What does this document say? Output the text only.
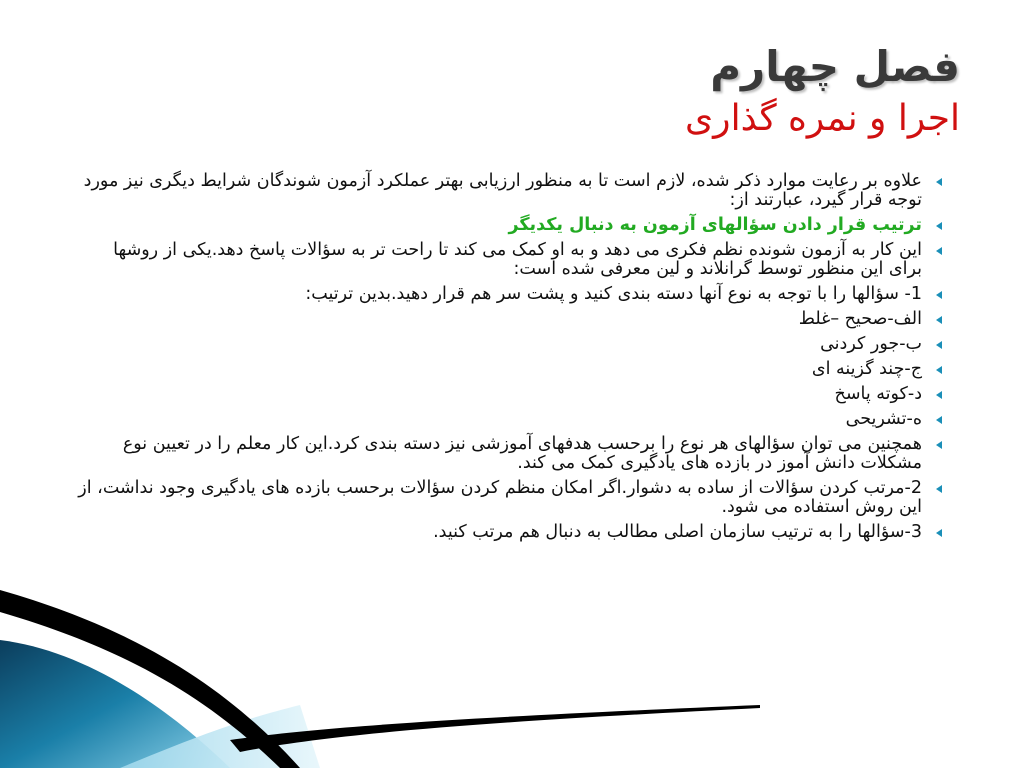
فصل چهارم
اجرا و نمره گذاری
علاوه بر رعایت موارد ذکر شده، لازم است تا به منظور ارزیابی بهتر عملکرد آزمون شوندگان شرایط دیگری نیز مورد توجه قرار گیرد، عبارتند از:
ترتیب قرار دادن سؤالهای آزمون به دنبال یکدیگر
این کار به آزمون شونده نظم فکری می دهد و به او کمک می کند تا راحت تر به سؤالات پاسخ دهد.یکی از روشها برای این منظور توسط گرانلاند و لین معرفی شده است:
1- سؤالها را با توجه به نوع آنها دسته بندی کنید و پشت سر هم قرار دهید.بدین ترتیب:
الف-صحیح –غلط
ب-جور کردنی
ج-چند گزینه ای
د-کوته پاسخ
ه-تشریحی
همچنین می توان سؤالهای هر نوع را برحسب هدفهای آموزشی نیز دسته بندی کرد.این کار معلم را در تعیین نوع مشکلات دانش آموز در بازده های یادگیری کمک می کند.
2-مرتب کردن سؤالات از ساده به دشوار.اگر امکان منظم کردن سؤالات برحسب بازده های یادگیری وجود نداشت، از این روش استفاده می شود.
3-سؤالها را به ترتیب سازمان اصلی مطالب به دنبال هم مرتب کنید.
